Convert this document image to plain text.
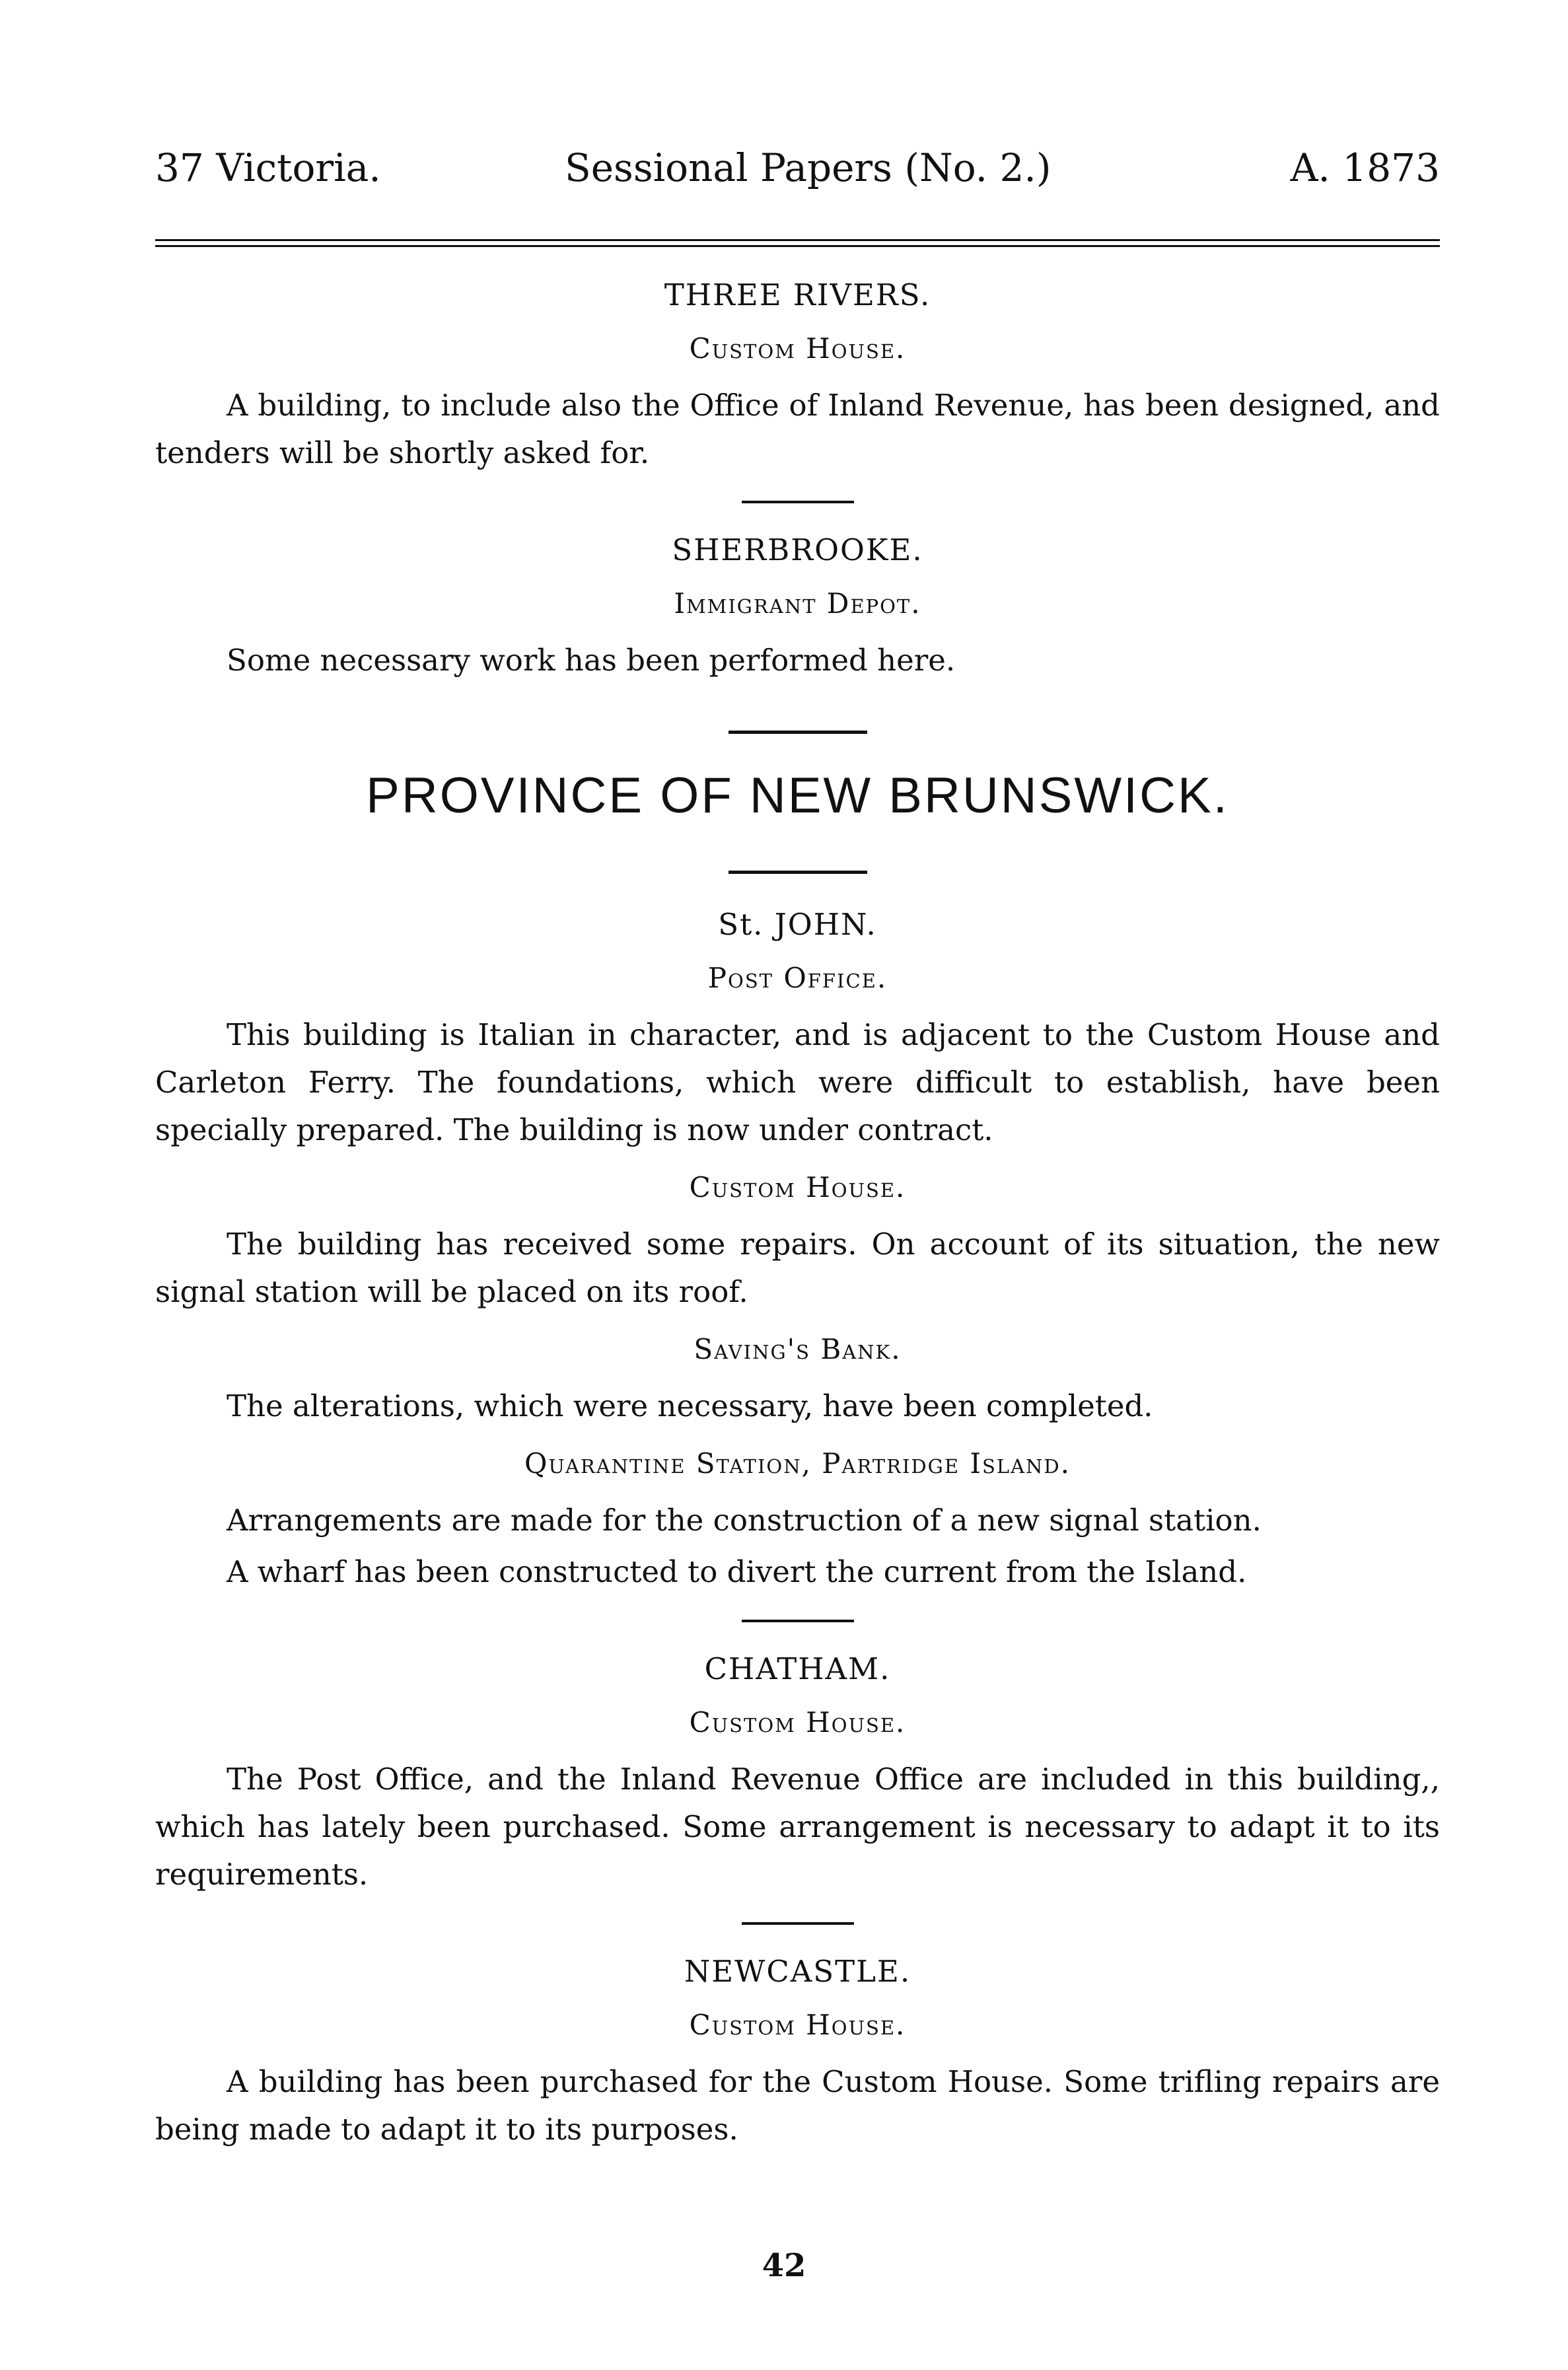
37 Victoria.	Sessional Papers (No. 2.)	A. 1873

THREE RIVERS.

Custom House.

A building, to include also the Office of Inland Revenue, has been designed, and tenders will be shortly asked for.

SHERBROOKE.

Immigrant Depot.

Some necessary work has been performed here.

PROVINCE OF NEW BRUNSWICK.

St. JOHN.

Post Office.

This building is Italian in character, and is adjacent to the Custom House and Carleton Ferry. The foundations, which were difficult to establish, have been specially prepared. The building is now under contract.

Custom House.

The building has received some repairs. On account of its situation, the new signal station will be placed on its roof.

Saving's Bank.

The alterations, which were necessary, have been completed.

Quarantine Station, Partridge Island.

Arrangements are made for the construction of a new signal station.

A wharf has been constructed to divert the current from the Island.

CHATHAM.

Custom House.

The Post Office, and the Inland Revenue Office are included in this building,, which has lately been purchased. Some arrangement is necessary to adapt it to its requirements.

NEWCASTLE.

Custom House.

A building has been purchased for the Custom House. Some trifling repairs are being made to adapt it to its purposes.

42
